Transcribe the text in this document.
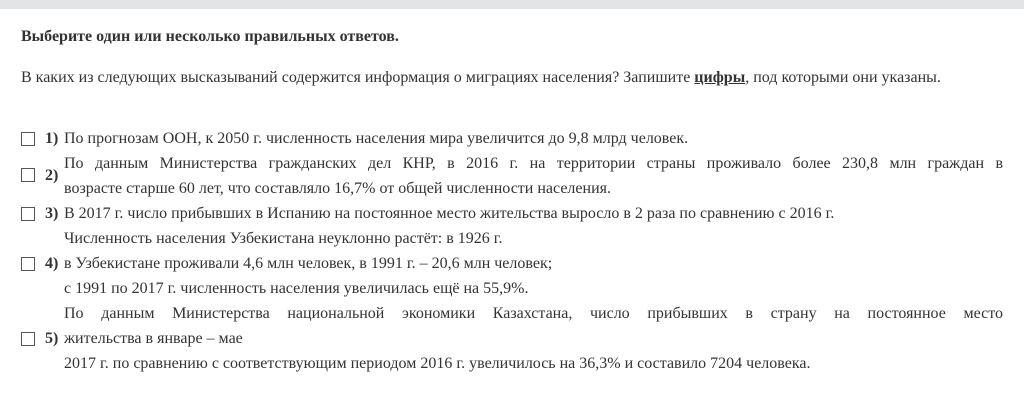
Выберите один или несколько правильных ответов.
В каких из следующих высказываний содержится информация о миграциях населения? Запишите цифры, под которыми они указаны.
1) По прогнозам ООН, к 2050 г. численность населения мира увеличится до 9,8 млрд человек.
2)
По данным Министерства гражданских дел КНР, в 2016 г. на территории страны проживало более 230,8 млн граждан в
возрасте старше 60 лет, что составляло 16,7% от общей численности населения.
3) В 2017 г. число прибывших в Испанию на постоянное место жительства выросло в 2 раза по сравнению с 2016 г.
4)
Численность населения Узбекистана неуклонно растёт: в 1926 г.
в Узбекистане проживали 4,6 млн человек, в 1991 г. – 20,6 млн человек;
с 1991 по 2017 г. численность населения увеличилась ещё на 55,9%.
5)
По данным Министерства национальной экономики Казахстана, число прибывших в страну на постоянное место
жительства в январе – мае
2017 г. по сравнению с соответствующим периодом 2016 г. увеличилось на 36,3% и составило 7204 человека.
